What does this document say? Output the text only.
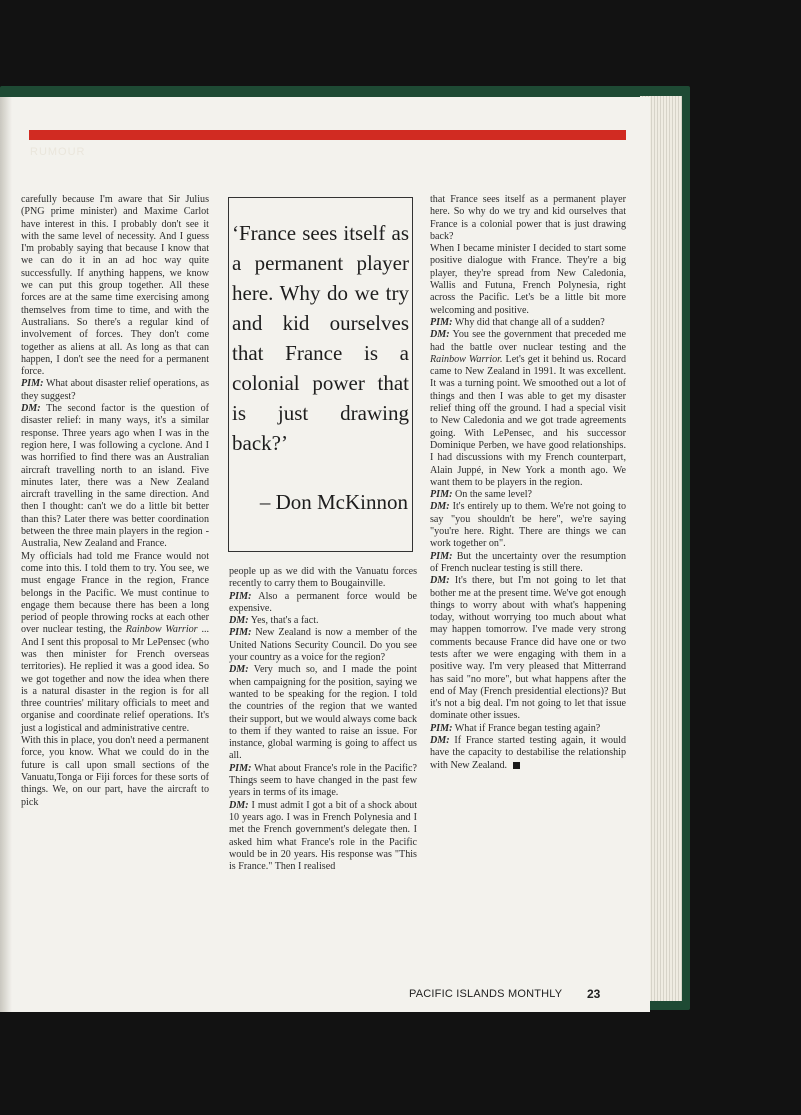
RUMOUR

carefully because I'm aware that Sir Julius (PNG prime minister) and Maxime Carlot have interest in this. I probably don't see it with the same level of necessity. And I guess I'm probably saying that because I know that we can do it in an ad hoc way quite successfully. If anything happens, we know we can put this group together. All these forces are at the same time exercising among themselves from time to time, and with the Australians. So there's a regular kind of involvement of forces. They don't come together as aliens at all. As long as that can happen, I don't see the need for a permanent force.

PIM: What about disaster relief operations, as they suggest?

DM: The second factor is the question of disaster relief: in many ways, it's a similar response. Three years ago when I was in the region here, I was following a cyclone. And I was horrified to find there was an Australian aircraft travelling north to an island. Five minutes later, there was a New Zealand aircraft travelling in the same direction. And then I thought: can't we do a little bit better than this? Later there was better coordination between the three main players in the region - Australia, New Zealand and France.

My officials had told me France would not come into this. I told them to try. You see, we must engage France in the region, France belongs in the Pacific. We must continue to engage them because there has been a long period of people throwing rocks at each other over nuclear testing, the Rainbow Warrior ... And I sent this proposal to Mr LePensec (who was then minister for French overseas territories). He replied it was a good idea. So we got together and now the idea when there is a natural disaster in the region is for all three countries' military officials to meet and organise and coordinate relief operations. It's just a logistical and administrative centre.

With this in place, you don't need a permanent force, you know. What we could do in the future is call upon small sections of the Vanuatu,Tonga or Fiji forces for these sorts of things. We, on our part, have the aircraft to pick

‘France sees itself as a permanent player here. Why do we try and kid ourselves that France is a colonial power that is just drawing back?’
– Don McKinnon

people up as we did with the Vanuatu forces recently to carry them to Bougainville.

PIM: Also a permanent force would be expensive.

DM: Yes, that's a fact.

PIM: New Zealand is now a member of the United Nations Security Council. Do you see your country as a voice for the region?

DM: Very much so, and I made the point when campaigning for the position, saying we wanted to be speaking for the region. I told the countries of the region that we wanted their support, but we would always come back to them if they wanted to raise an issue. For instance, global warming is going to affect us all.

PIM: What about France's role in the Pacific? Things seem to have changed in the past few years in terms of its image.

DM: I must admit I got a bit of a shock about 10 years ago. I was in French Polynesia and I met the French government's delegate then. I asked him what France's role in the Pacific would be in 20 years. His response was "This is France." Then I realised

that France sees itself as a permanent player here. So why do we try and kid ourselves that France is a colonial power that is just drawing back?

When I became minister I decided to start some positive dialogue with France. They're a big player, they're spread from New Caledonia, Wallis and Futuna, French Polynesia, right across the Pacific. Let's be a little bit more welcoming and positive.

PIM: Why did that change all of a sudden?

DM: You see the government that preceded me had the battle over nuclear testing and the Rainbow Warrior. Let's get it behind us. Rocard came to New Zealand in 1991. It was excellent. It was a turning point. We smoothed out a lot of things and then I was able to get my disaster relief thing off the ground. I had a special visit to New Caledonia and we got trade agreements going. With LePensec, and his successor Dominique Perben, we have good relationships. I had discussions with my French counterpart, Alain Juppé, in New York a month ago. We want them to be players in the region.

PIM: On the same level?

DM: It's entirely up to them. We're not going to say "you shouldn't be here", we're saying "you're here. Right. There are things we can work together on".

PIM: But the uncertainty over the resumption of French nuclear testing is still there.

DM: It's there, but I'm not going to let that bother me at the present time. We've got enough things to worry about with what's happening today, without worrying too much about what may happen tomorrow. I've made very strong comments because France did have one or two tests after we were engaging with them in a positive way. I'm very pleased that Mitterrand has said "no more", but what happens after the end of May (French presidential elections)? But it's not a big deal. I'm not going to let that issue dominate other issues.

PIM: What if France began testing again?

DM: If France started testing again, it would have the capacity to destabilise the relationship with New Zealand.

PACIFIC ISLANDS MONTHLY 23
